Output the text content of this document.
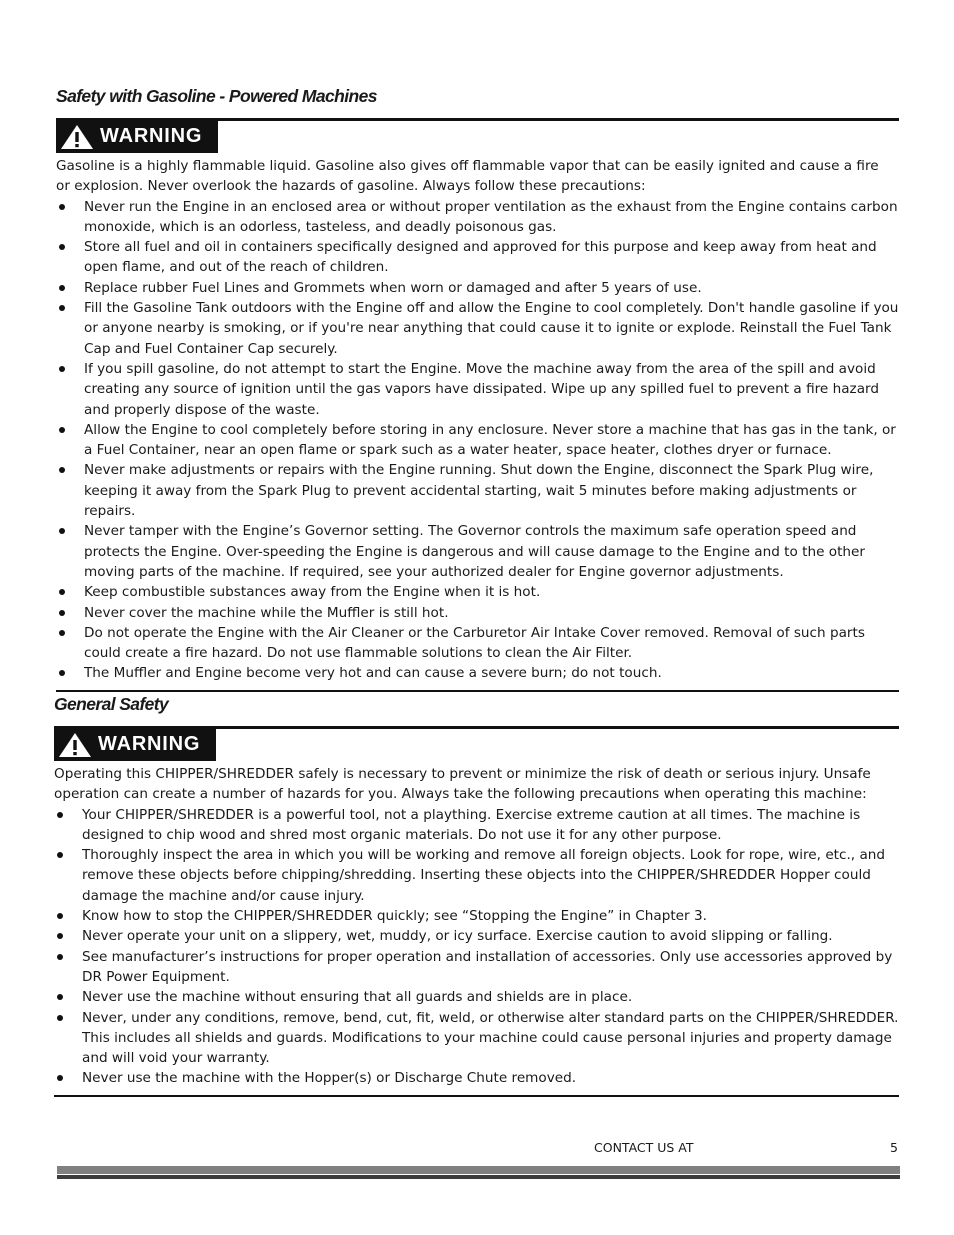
Safety with Gasoline - Powered Machines
WARNING

Gasoline is a highly flammable liquid. Gasoline also gives off flammable vapor that can be easily ignited and cause a fire or explosion. Never overlook the hazards of gasoline. Always follow these precautions:

Never run the Engine in an enclosed area or without proper ventilation as the exhaust from the Engine contains carbon monoxide, which is an odorless, tasteless, and deadly poisonous gas.
Store all fuel and oil in containers specifically designed and approved for this purpose and keep away from heat and open flame, and out of the reach of children.
Replace rubber Fuel Lines and Grommets when worn or damaged and after 5 years of use.
Fill the Gasoline Tank outdoors with the Engine off and allow the Engine to cool completely. Don't handle gasoline if you or anyone nearby is smoking, or if you're near anything that could cause it to ignite or explode. Reinstall the Fuel Tank Cap and Fuel Container Cap securely.
If you spill gasoline, do not attempt to start the Engine. Move the machine away from the area of the spill and avoid creating any source of ignition until the gas vapors have dissipated. Wipe up any spilled fuel to prevent a fire hazard and properly dispose of the waste.
Allow the Engine to cool completely before storing in any enclosure. Never store a machine that has gas in the tank, or a Fuel Container, near an open flame or spark such as a water heater, space heater, clothes dryer or furnace.
Never make adjustments or repairs with the Engine running. Shut down the Engine, disconnect the Spark Plug wire, keeping it away from the Spark Plug to prevent accidental starting, wait 5 minutes before making adjustments or repairs.
Never tamper with the Engine’s Governor setting. The Governor controls the maximum safe operation speed and protects the Engine. Over-speeding the Engine is dangerous and will cause damage to the Engine and to the other moving parts of the machine. If required, see your authorized dealer for Engine governor adjustments.
Keep combustible substances away from the Engine when it is hot.
Never cover the machine while the Muffler is still hot.
Do not operate the Engine with the Air Cleaner or the Carburetor Air Intake Cover removed. Removal of such parts could create a fire hazard. Do not use flammable solutions to clean the Air Filter.
The Muffler and Engine become very hot and can cause a severe burn; do not touch.
General Safety
WARNING

Operating this CHIPPER/SHREDDER safely is necessary to prevent or minimize the risk of death or serious injury. Unsafe operation can create a number of hazards for you. Always take the following precautions when operating this machine:

Your CHIPPER/SHREDDER is a powerful tool, not a plaything. Exercise extreme caution at all times. The machine is designed to chip wood and shred most organic materials. Do not use it for any other purpose.
Thoroughly inspect the area in which you will be working and remove all foreign objects. Look for rope, wire, etc., and remove these objects before chipping/shredding. Inserting these objects into the CHIPPER/SHREDDER Hopper could damage the machine and/or cause injury.
Know how to stop the CHIPPER/SHREDDER quickly; see “Stopping the Engine” in Chapter 3.
Never operate your unit on a slippery, wet, muddy, or icy surface. Exercise caution to avoid slipping or falling.
See manufacturer’s instructions for proper operation and installation of accessories. Only use accessories approved by DR Power Equipment.
Never use the machine without ensuring that all guards and shields are in place.
Never, under any conditions, remove, bend, cut, fit, weld, or otherwise alter standard parts on the CHIPPER/SHREDDER. This includes all shields and guards. Modifications to your machine could cause personal injuries and property damage and will void your warranty.
Never use the machine with the Hopper(s) or Discharge Chute removed.
CONTACT US AT	5
